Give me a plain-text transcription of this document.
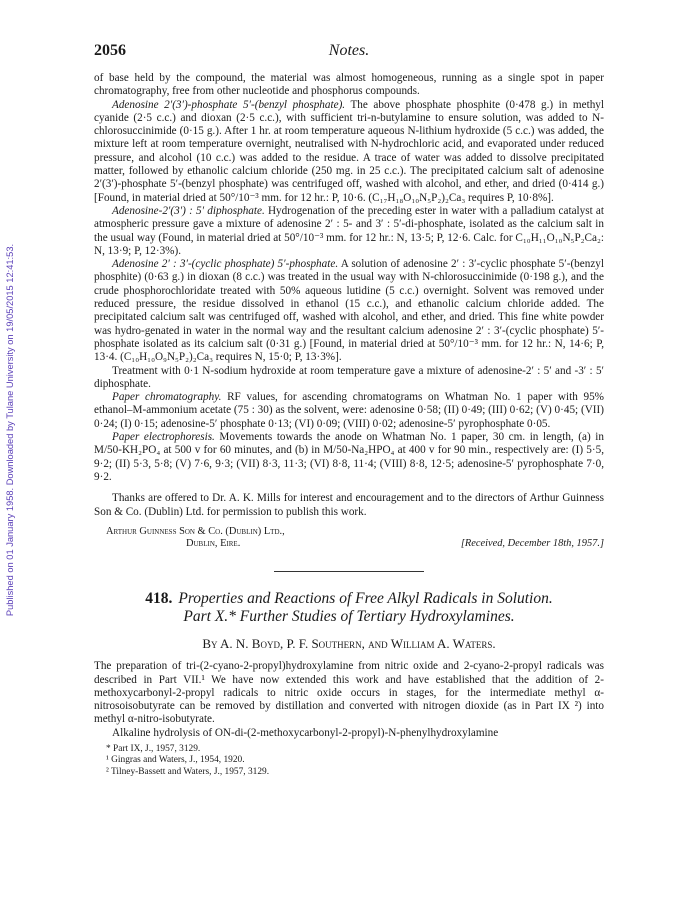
Published on 01 January 1958. Downloaded by Tulane University on 19/05/2015 12:41:53.
2056	Notes.

of base held by the compound, the material was almost homogeneous, running as a single spot in paper chromatography, free from other nucleotide and phosphorus compounds.

Adenosine 2′(3′)-phosphate 5′-(benzyl phosphate). The above phosphate phosphite (0·478 g.) in methyl cyanide (2·5 c.c.) and dioxan (2·5 c.c.), with sufficient tri-n-butylamine to ensure solution, was added to N-chlorosuccinimide (0·15 g.). After 1 hr. at room temperature aqueous N-lithium hydroxide (5 c.c.) was added, the mixture left at room temperature overnight, neutralised with N-hydrochloric acid, and evaporated under reduced pressure, and alcohol (10 c.c.) was added to the residue. A trace of water was added to dissolve precipitated matter, followed by ethanolic calcium chloride (250 mg. in 25 c.c.). The precipitated calcium salt of adenosine 2′(3′)-phosphate 5′-(benzyl phosphate) was centrifuged off, washed with alcohol, and ether, and dried (0·414 g.) [Found, in material dried at 50°/10⁻³ mm. for 12 hr.: P, 10·6. (C₁₇H₁₈O₁₀N₅P₂)₂Ca₃ requires P, 10·8%].

Adenosine-2′(3′) : 5′ diphosphate. Hydrogenation of the preceding ester in water with a palladium catalyst at atmospheric pressure gave a mixture of adenosine 2′ : 5- and 3′ : 5′-di-phosphate, isolated as the calcium salt in the usual way (Found, in material dried at 50°/10⁻³ mm. for 12 hr.: N, 13·5; P, 12·6. Calc. for C₁₀H₁₁O₁₀N₅P₂Ca₂: N, 13·9; P, 12·3%).

Adenosine 2′ : 3′-(cyclic phosphate) 5′-phosphate. A solution of adenosine 2′ : 3′-cyclic phosphate 5′-(benzyl phosphite) (0·63 g.) in dioxan (8 c.c.) was treated in the usual way with N-chlorosuccinimide (0·198 g.), and the crude phosphorochloridate treated with 50% aqueous lutidine (5 c.c.) overnight. Solvent was removed under reduced pressure, the residue dissolved in ethanol (15 c.c.), and ethanolic calcium chloride added. The precipitated calcium salt was centrifuged off, washed with alcohol, and ether, and dried. This fine white powder was hydro-genated in water in the normal way and the resultant calcium adenosine 2′ : 3′-(cyclic phosphate) 5′-phosphate isolated as its calcium salt (0·31 g.) [Found, in material dried at 50°/10⁻³ mm. for 12 hr.: N, 14·6; P, 13·4. (C₁₀H₁₀O₉N₅P₂)₂Ca₃ requires N, 15·0; P, 13·3%].

Treatment with 0·1 N-sodium hydroxide at room temperature gave a mixture of adenosine-2′ : 5′ and -3′ : 5′ diphosphate.

Paper chromatography. RF values, for ascending chromatograms on Whatman No. 1 paper with 95% ethanol–M-ammonium acetate (75 : 30) as the solvent, were: adenosine 0·58; (II) 0·49; (III) 0·62; (V) 0·45; (VII) 0·24; (I) 0·15; adenosine-5′ phosphate 0·13; (VI) 0·09; (VIII) 0·02; adenosine-5′ pyrophosphate 0·05.

Paper electrophoresis. Movements towards the anode on Whatman No. 1 paper, 30 cm. in length, (a) in M/50-KH₂PO₄ at 500 v for 60 minutes, and (b) in M/50-Na₂HPO₄ at 400 v for 90 min., respectively are: (I) 5·5, 9·2; (II) 5·3, 5·8; (V) 7·6, 9·3; (VII) 8·3, 11·3; (VI) 8·8, 11·4; (VIII) 8·8, 12·5; adenosine-5′ pyrophosphate 7·0, 9·2.

Thanks are offered to Dr. A. K. Mills for interest and encouragement and to the directors of Arthur Guinness Son & Co. (Dublin) Ltd. for permission to publish this work.

Arthur Guinness Son & Co. (Dublin) Ltd.,
Dublin, Eire.	[Received, December 18th, 1957.]
418. Properties and Reactions of Free Alkyl Radicals in Solution.
Part X.* Further Studies of Tertiary Hydroxylamines.
By A. N. Boyd, P. F. Southern, and William A. Waters.

The preparation of tri-(2-cyano-2-propyl)hydroxylamine from nitric oxide and 2-cyano-2-propyl radicals was described in Part VII.¹ We have now extended this work and have established that the addition of 2-methoxycarbonyl-2-propyl radicals to nitric oxide occurs in stages, for the intermediate methyl α-nitrosoisobutyrate can be removed by distillation and converted with nitrogen dioxide (as in Part IX ²) into methyl α-nitro-isobutyrate.

Alkaline hydrolysis of ON-di-(2-methoxycarbonyl-2-propyl)-N-phenylhydroxylamine

* Part IX, J., 1957, 3129.
¹ Gingras and Waters, J., 1954, 1920.
² Tilney-Bassett and Waters, J., 1957, 3129.
